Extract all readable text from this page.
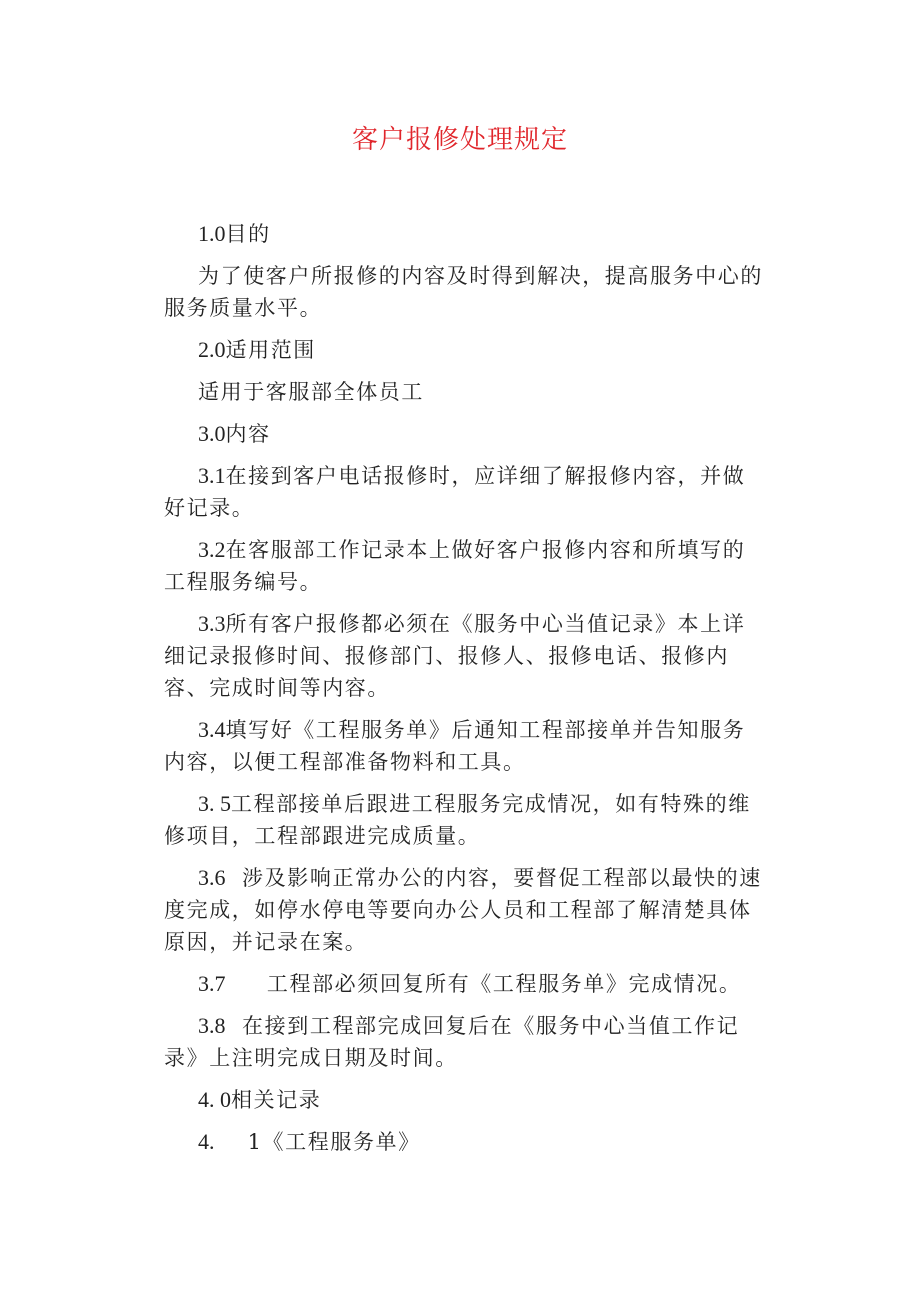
客户报修处理规定

1.0目的

为了使客户所报修的内容及时得到解决，提高服务中心的服务质量水平。

2.0适用范围

适用于客服部全体员工

3.0内容

3.1在接到客户电话报修时，应详细了解报修内容，并做好记录。

3.2在客服部工作记录本上做好客户报修内容和所填写的工程服务编号。

3.3所有客户报修都必须在《服务中心当值记录》本上详细记录报修时间、报修部门、报修人、报修电话、报修内容、完成时间等内容。

3.4填写好《工程服务单》后通知工程部接单并告知服务内容，以便工程部准备物料和工具。

3. 5工程部接单后跟进工程服务完成情况，如有特殊的维修项目，工程部跟进完成质量。

3.6  涉及影响正常办公的内容，要督促工程部以最快的速度完成，如停水停电等要向办公人员和工程部了解清楚具体原因，并记录在案。

3.7     工程部必须回复所有《工程服务单》完成情况。

3.8  在接到工程部完成回复后在《服务中心当值工作记录》上注明完成日期及时间。

4. 0相关记录

4.    1《工程服务单》
